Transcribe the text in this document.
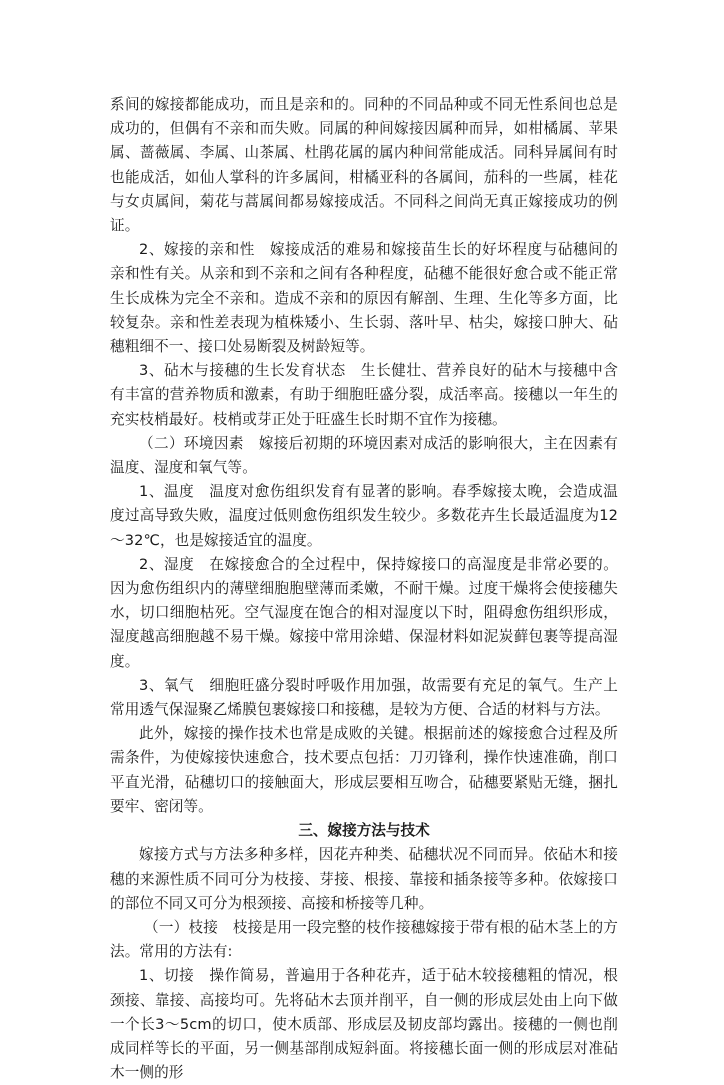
系间的嫁接都能成功，而且是亲和的。同种的不同品种或不同无性系间也总是成功的，但偶有不亲和而失败。同属的种间嫁接因属种而异，如柑橘属、苹果属、蔷薇属、李属、山茶属、杜鹃花属的属内种间常能成活。同科异属间有时也能成活，如仙人掌科的许多属间，柑橘亚科的各属间，茄科的一些属，桂花与女贞属间，菊花与蒿属间都易嫁接成活。不同科之间尚无真正嫁接成功的例证。

2、嫁接的亲和性　嫁接成活的难易和嫁接苗生长的好坏程度与砧穗间的亲和性有关。从亲和到不亲和之间有各种程度，砧穗不能很好愈合或不能正常生长成株为完全不亲和。造成不亲和的原因有解剖、生理、生化等多方面，比较复杂。亲和性差表现为植株矮小、生长弱、落叶早、枯尖，嫁接口肿大、砧穗粗细不一、接口处易断裂及树龄短等。

3、砧木与接穗的生长发育状态　生长健壮、营养良好的砧木与接穗中含有丰富的营养物质和激素，有助于细胞旺盛分裂，成活率高。接穗以一年生的充实枝梢最好。枝梢或芽正处于旺盛生长时期不宜作为接穗。

（二）环境因素　嫁接后初期的环境因素对成活的影响很大，主在因素有温度、湿度和氧气等。

1、温度　温度对愈伤组织发育有显著的影响。春季嫁接太晚，会造成温度过高导致失败，温度过低则愈伤组织发生较少。多数花卉生长最适温度为12～32℃，也是嫁接适宜的温度。

2、湿度　在嫁接愈合的全过程中，保持嫁接口的高湿度是非常必要的。因为愈伤组织内的薄壁细胞胞壁薄而柔嫩，不耐干燥。过度干燥将会使接穗失水，切口细胞枯死。空气湿度在饱合的相对湿度以下时，阻碍愈伤组织形成，湿度越高细胞越不易干燥。嫁接中常用涂蜡、保湿材料如泥炭藓包裹等提高湿度。

3、氧气　细胞旺盛分裂时呼吸作用加强，故需要有充足的氧气。生产上常用透气保湿聚乙烯膜包裹嫁接口和接穗，是较为方便、合适的材料与方法。

此外，嫁接的操作技术也常是成败的关键。根据前述的嫁接愈合过程及所需条件，为使嫁接快速愈合，技术要点包括：刀刃锋利，操作快速准确，削口平直光滑，砧穗切口的接触面大，形成层要相互吻合，砧穗要紧贴无缝，捆扎要牢、密闭等。

三、嫁接方法与技术

嫁接方式与方法多种多样，因花卉种类、砧穗状况不同而异。依砧木和接穗的来源性质不同可分为枝接、芽接、根接、靠接和插条接等多种。依嫁接口的部位不同又可分为根颈接、高接和桥接等几种。

（一）枝接　枝接是用一段完整的枝作接穗嫁接于带有根的砧木茎上的方法。常用的方法有:

1、切接　操作简易，普遍用于各种花卉，适于砧木较接穗粗的情况，根颈接、靠接、高接均可。先将砧木去顶并削平，自一侧的形成层处由上向下做一个长3～5cm的切口，使木质部、形成层及韧皮部均露出。接穗的一侧也削成同样等长的平面，另一侧基部削成短斜面。将接穗长面一侧的形成层对准砧木一侧的形
